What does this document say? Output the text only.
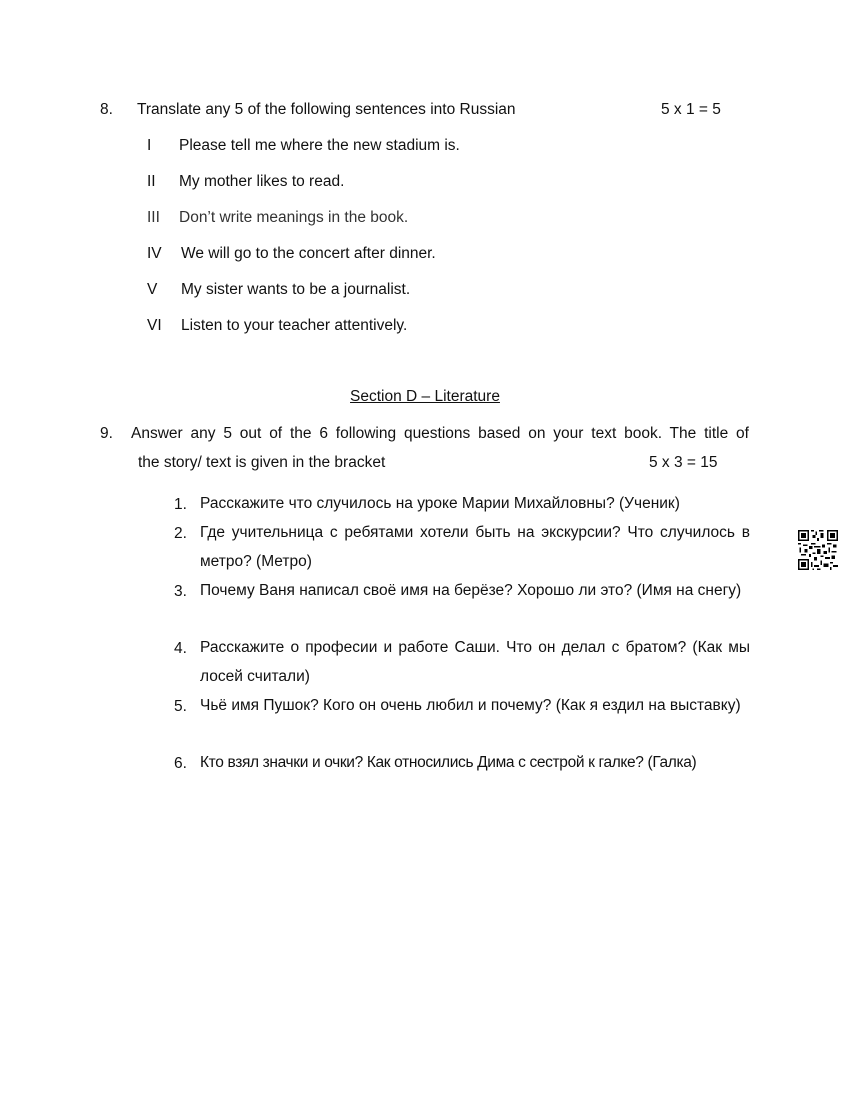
8. Translate any 5 of the following sentences into Russian	5 x 1 = 5
I Please tell me where the new stadium is.
II My mother likes to read.
III Don’t write meanings in the book.
IV We will go to the concert after dinner.
V My sister wants to be a journalist.
VI Listen to your teacher attentively.
Section D – Literature
9. Answer any 5 out of the 6 following questions based on your text book. The title of
the story/ text is given in the bracket	5 x 3 = 15
1. Расскажите что случилось на уроке Марии Михайловны? (Ученик)
2. Где учительница с ребятами хотели быть на экскурсии? Что случилось в метро? (Метро)
3. Почему Ваня написал своё имя на берёзе? Хорошо ли это? (Имя на снегу)
4. Расскажите о професии и работе Саши. Что он делал с братом? (Как мы лосей считали)
5. Чьё имя Пушок? Кого он очень любил и почему? (Как я ездил на выставку)
6. Кто взял значки и очки? Как относились Дима с сестрой к галке? (Галка)
